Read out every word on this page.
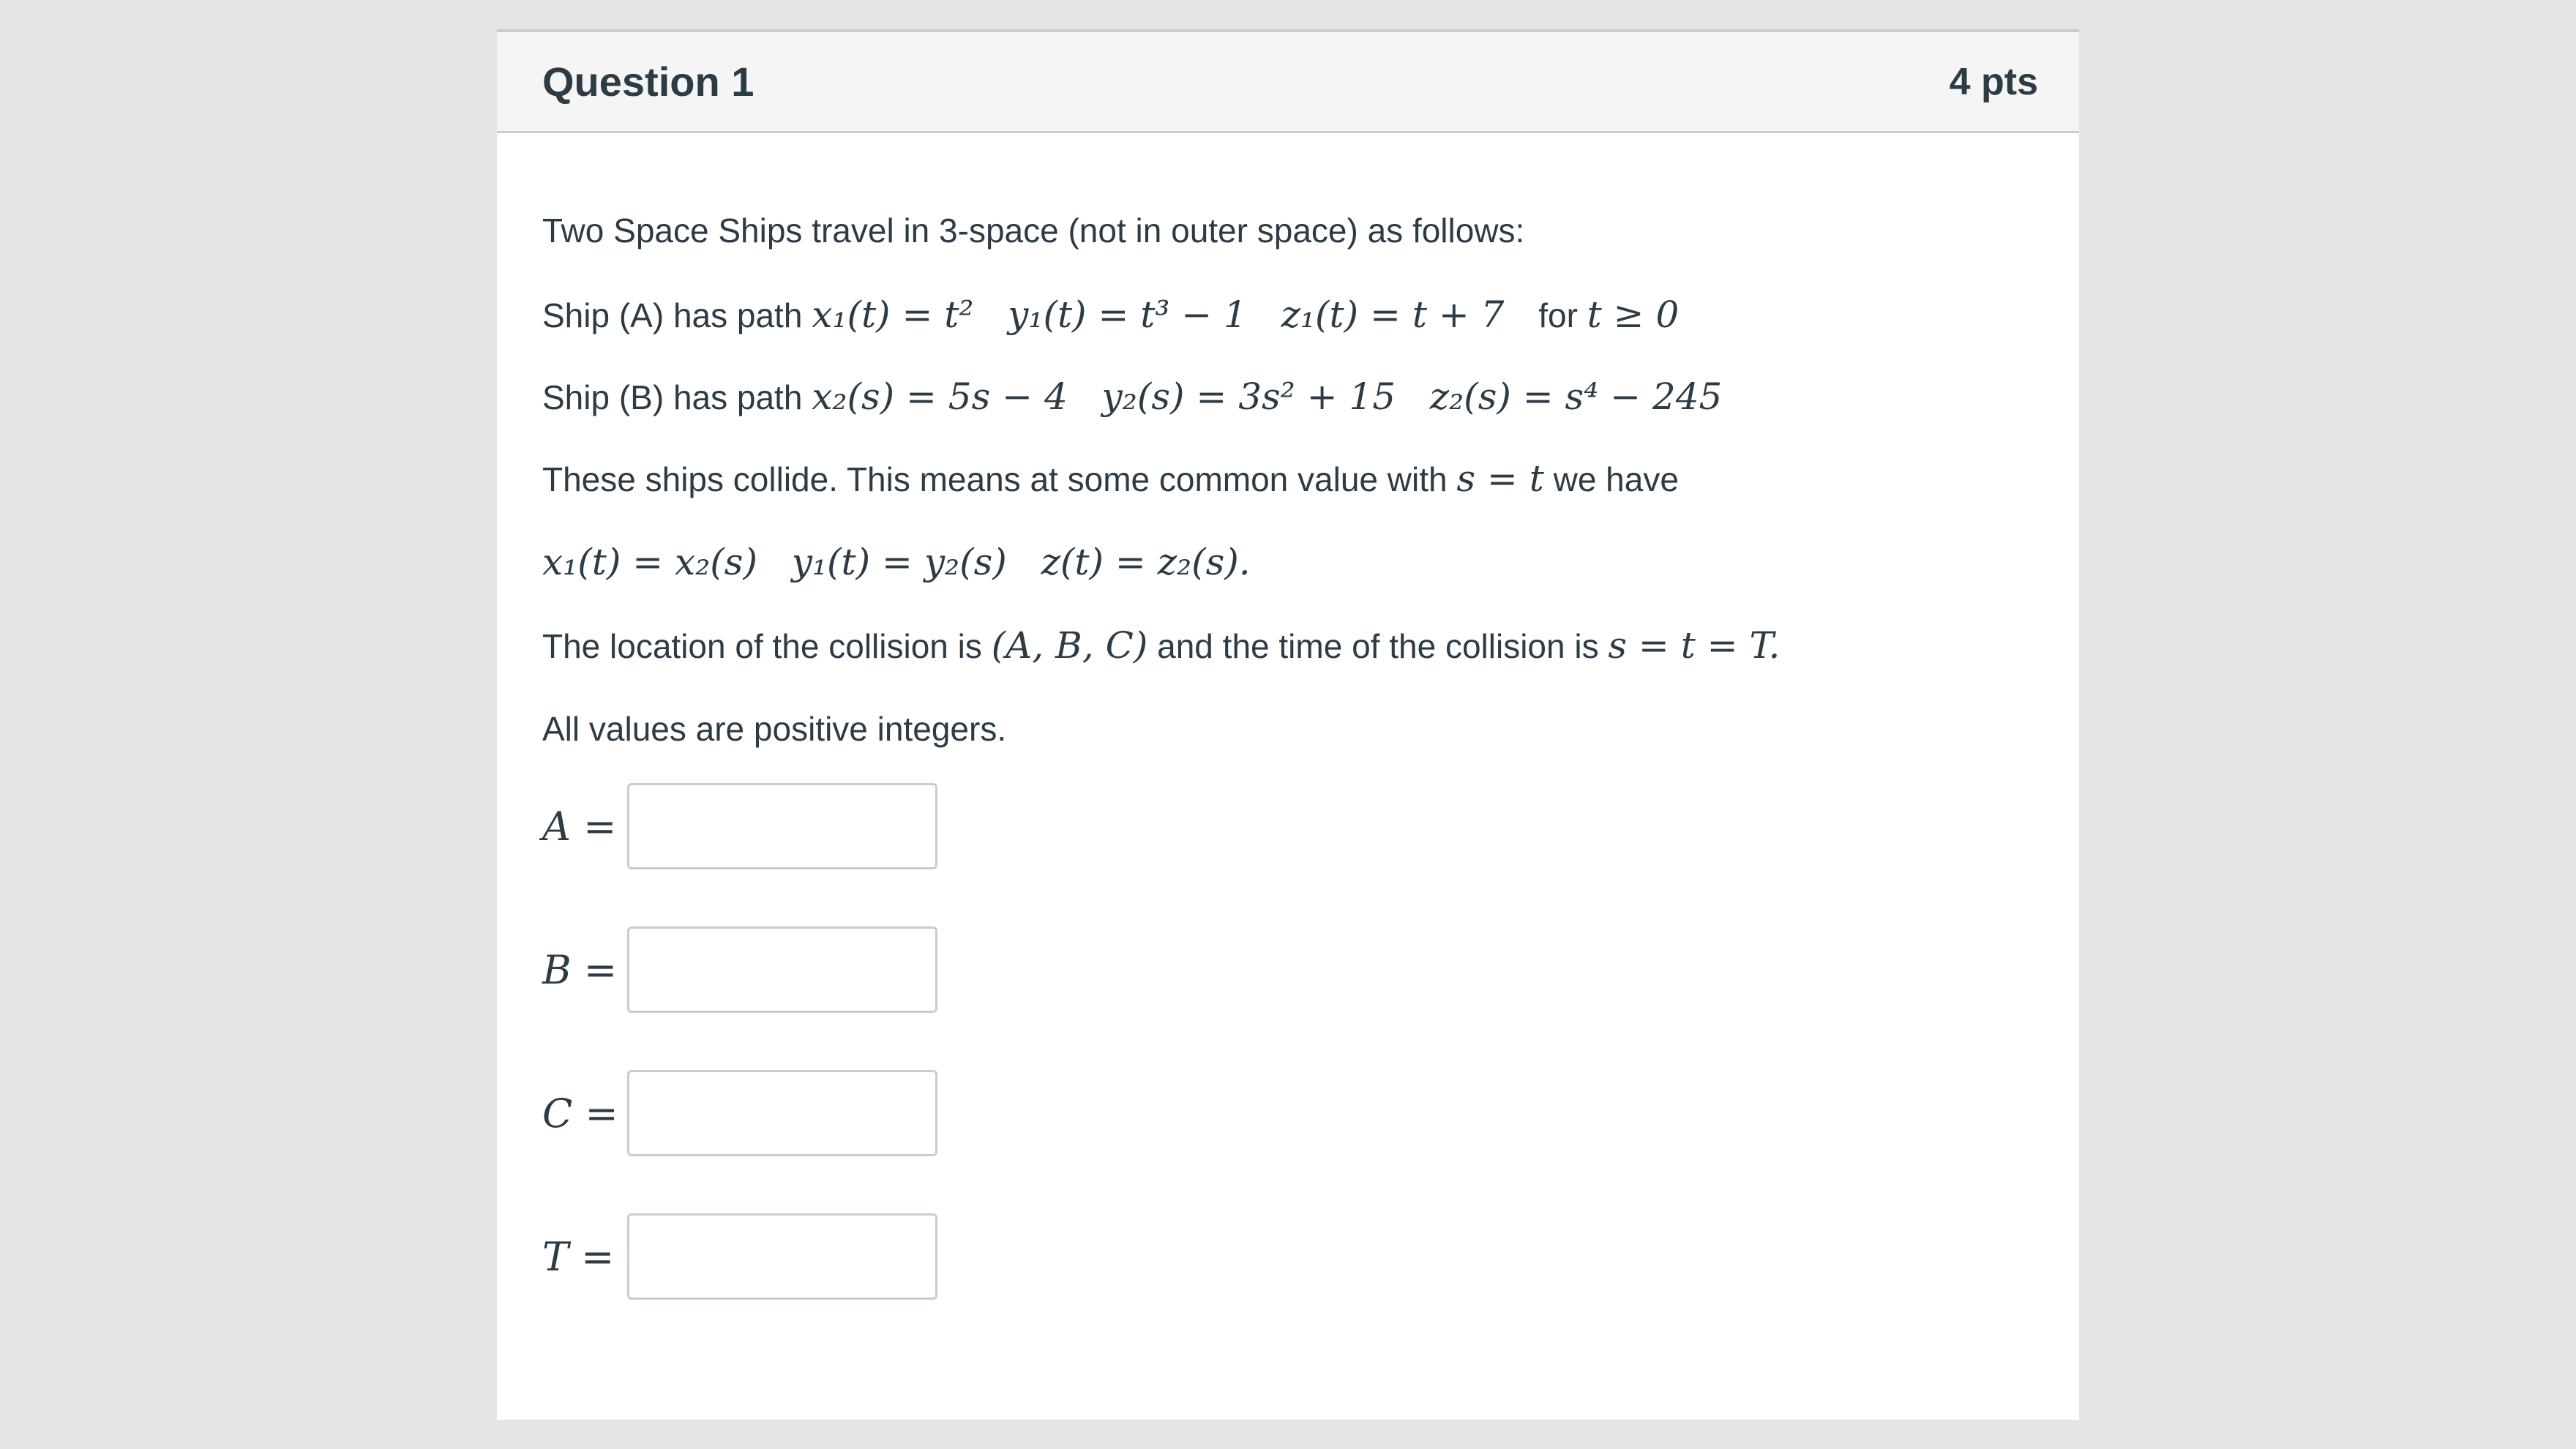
Question 1	4 pts
Two Space Ships travel in 3-space (not in outer space) as follows:
Ship (A) has path x₁(t) = t² y₁(t) = t³ − 1 z₁(t) = t + 7 for t ≥ 0
Ship (B) has path x₂(s) = 5s − 4 y₂(s) = 3s² + 15 z₂(s) = s⁴ − 245
These ships collide. This means at some common value with s = t we have
x₁(t) = x₂(s) y₁(t) = y₂(s) z(t) = z₂(s).
The location of the collision is (A, B, C) and the time of the collision is s = t = T.
All values are positive integers.
A =
B =
C =
T =
